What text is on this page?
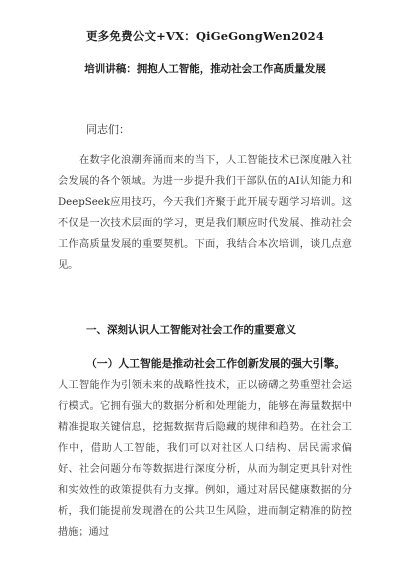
更多免费公文+VX：QiGeGongWen2024
培训讲稿：拥抱人工智能，推动社会工作高质量发展
同志们：
在数字化浪潮奔涌而来的当下，人工智能技术已深度融入社会发展的各个领域。为进一步提升我们干部队伍的AI认知能力和DeepSeek应用技巧，今天我们齐聚于此开展专题学习培训。这不仅是一次技术层面的学习，更是我们顺应时代发展、推动社会工作高质量发展的重要契机。下面，我结合本次培训，谈几点意见。
一、深刻认识人工智能对社会工作的重要意义
（一）人工智能是推动社会工作创新发展的强大引擎。
人工智能作为引领未来的战略性技术，正以磅礴之势重塑社会运行模式。它拥有强大的数据分析和处理能力，能够在海量数据中精准提取关键信息，挖掘数据背后隐藏的规律和趋势。在社会工作中，借助人工智能，我们可以对社区人口结构、居民需求偏好、社会问题分布等数据进行深度分析，从而为制定更具针对性和实效性的政策提供有力支撑。例如，通过对居民健康数据的分析，我们能提前发现潜在的公共卫生风险，进而制定精准的防控措施；通过
